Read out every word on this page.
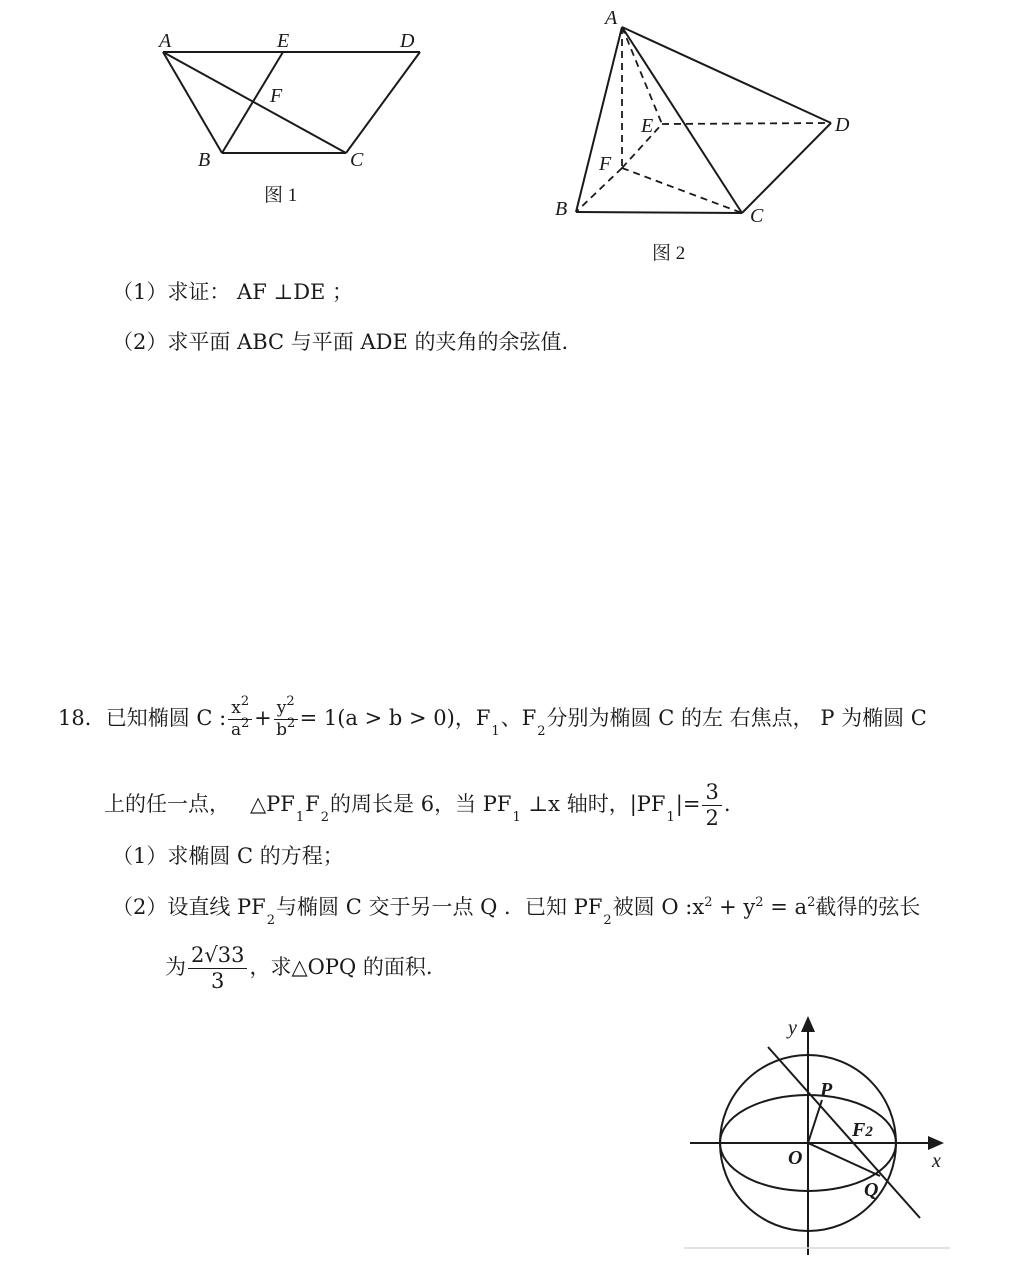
A	E	D
F
B	C
图 1
A
E	D
F
B	C
图 2
（1）求证： AF ⊥DE ；
（2）求平面 ABC 与平面 ADE 的夹角的余弦值.
18．已知椭圆 C : $\frac{x^2}{a^2} + \frac{y^2}{b^2} = 1(a > b > 0)$，$F_1$、$F_2$分别为椭圆 C 的左 右焦点， P 为椭圆 C
上的任一点， $\triangle PF_1F_2$的周长是 6，当 $PF_1$ ⊥x 轴时，$|PF_1|= \frac{3}{2}$ .
（1）求椭圆 C 的方程；
（2）设直线 $PF_2$与椭圆 C 交于另一点 Q ．已知 $PF_2$被圆 O $:x^2 + y^2 = a^2$截得的弦长
为 $\frac{2√33}{3}$ ，求△OPQ 的面积.
y
x
O
P
F2
Q
